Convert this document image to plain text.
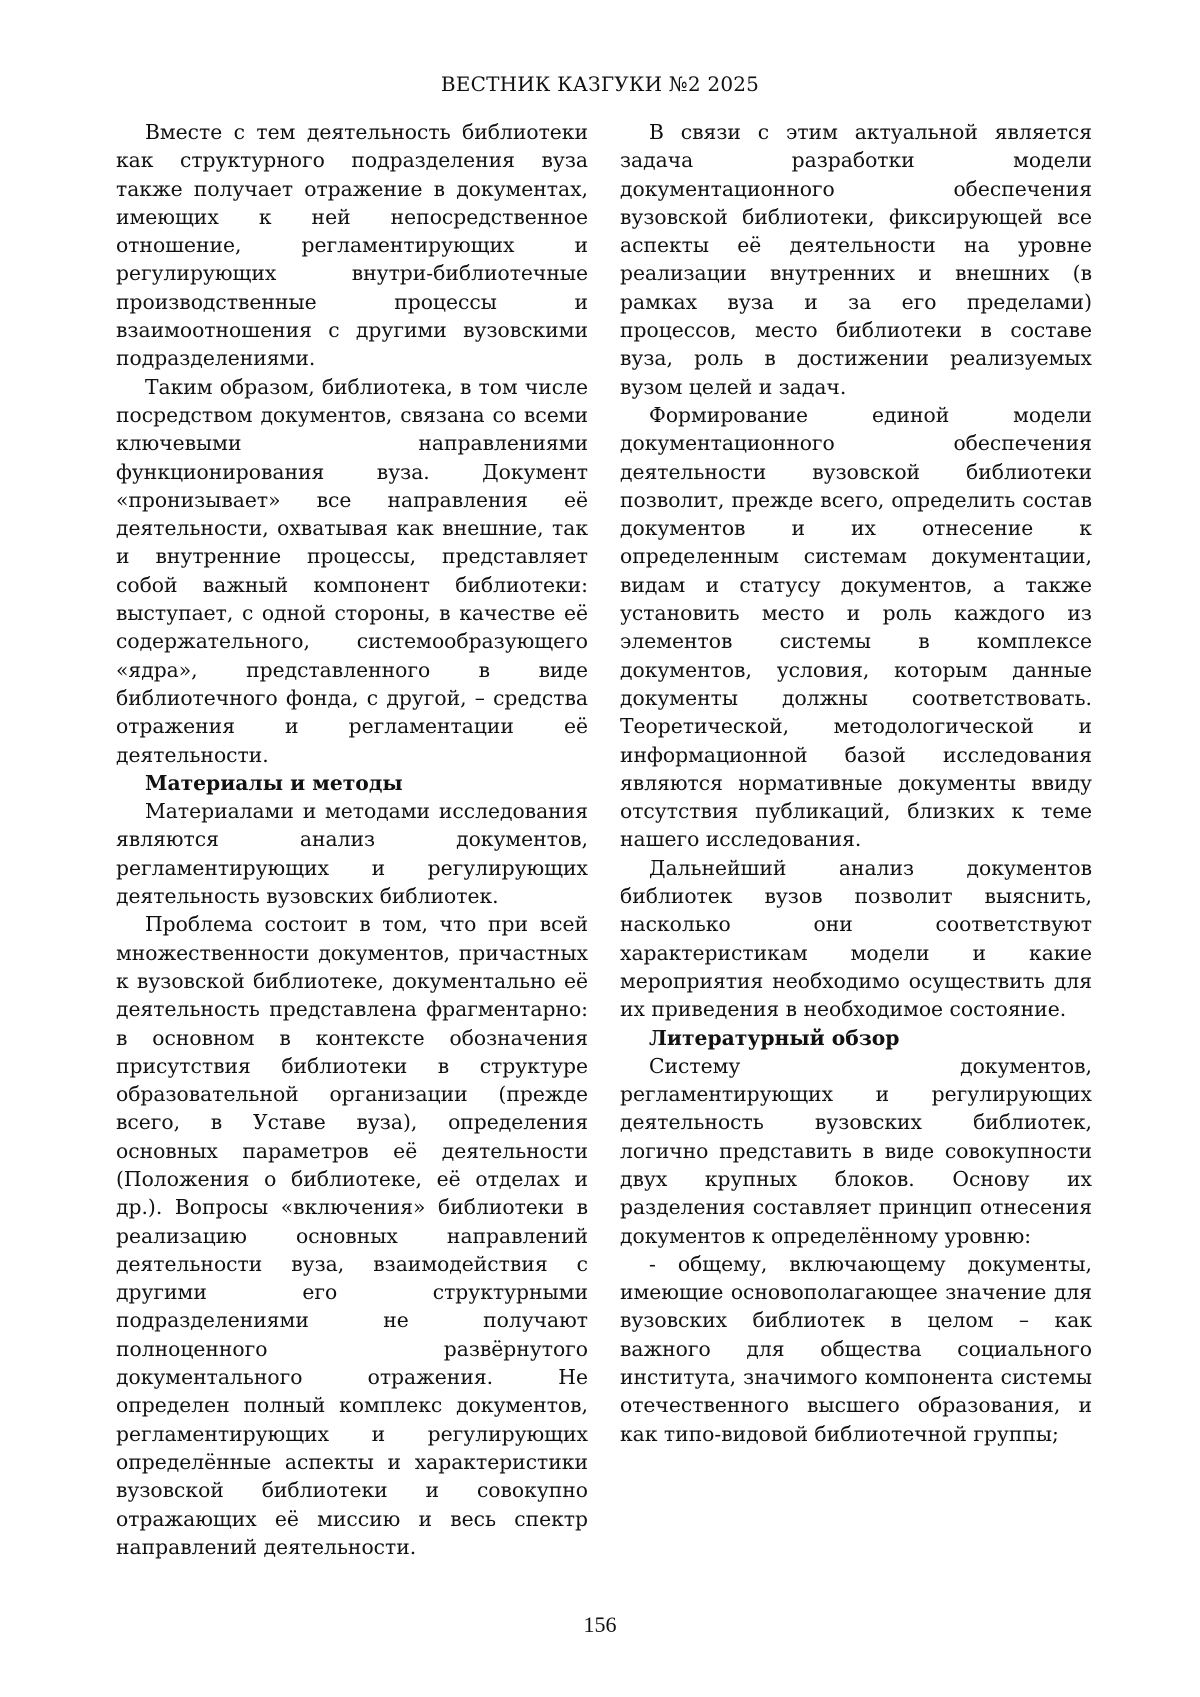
ВЕСТНИК КАЗГУКИ №2 2025

Вместе с тем деятельность библиотеки как структурного подразделения вуза также получает отражение в документах, имеющих к ней непосредственное отношение, регламентирующих и регулирующих внутри-библиотечные производственные процессы и взаимоотношения с другими вузовскими подразделениями.

Таким образом, библиотека, в том числе посредством документов, связана со всеми ключевыми направлениями функционирования вуза. Документ «пронизывает» все направления её деятельности, охватывая как внешние, так и внутренние процессы, представляет собой важный компонент библиотеки: выступает, с одной стороны, в качестве её содержательного, системообразующего «ядра», представленного в виде библиотечного фонда, с другой, – средства отражения и регламентации её деятельности.

Материалы и методы

Материалами и методами исследования являются анализ документов, регламентирующих и регулирующих деятельность вузовских библиотек.

Проблема состоит в том, что при всей множественности документов, причастных к вузовской библиотеке, документально её деятельность представлена фрагментарно: в основном в контексте обозначения присутствия библиотеки в структуре образовательной организации (прежде всего, в Уставе вуза), определения основных параметров её деятельности (Положения о библиотеке, её отделах и др.). Вопросы «включения» библиотеки в реализацию основных направлений деятельности вуза, взаимодействия с другими его структурными подразделениями не получают полноценного развёрнутого документального отражения. Не определен полный комплекс документов, регламентирующих и регулирующих определённые аспекты и характеристики вузовской библиотеки и совокупно отражающих её миссию и весь спектр направлений деятельности.

В связи с этим актуальной является задача разработки модели документационного обеспечения вузовской библиотеки, фиксирующей все аспекты её деятельности на уровне реализации внутренних и внешних (в рамках вуза и за его пределами) процессов, место библиотеки в составе вуза, роль в достижении реализуемых вузом целей и задач.

Формирование единой модели документационного обеспечения деятельности вузовской библиотеки позволит, прежде всего, определить состав документов и их отнесение к определенным системам документации, видам и статусу документов, а также установить место и роль каждого из элементов системы в комплексе документов, условия, которым данные документы должны соответствовать. Теоретической, методологической и информационной базой исследования являются нормативные документы ввиду отсутствия публикаций, близких к теме нашего исследования.

Дальнейший анализ документов библиотек вузов позволит выяснить, насколько они соответствуют характеристикам модели и какие мероприятия необходимо осуществить для их приведения в необходимое состояние.

Литературный обзор

Систему документов, регламентирующих и регулирующих деятельность вузовских библиотек, логично представить в виде совокупности двух крупных блоков. Основу их разделения составляет принцип отнесения документов к определённому уровню:

- общему, включающему документы, имеющие основополагающее значение для вузовских библиотек в целом – как важного для общества социального института, значимого компонента системы отечественного высшего образования, и как типо-видовой библиотечной группы;

156
